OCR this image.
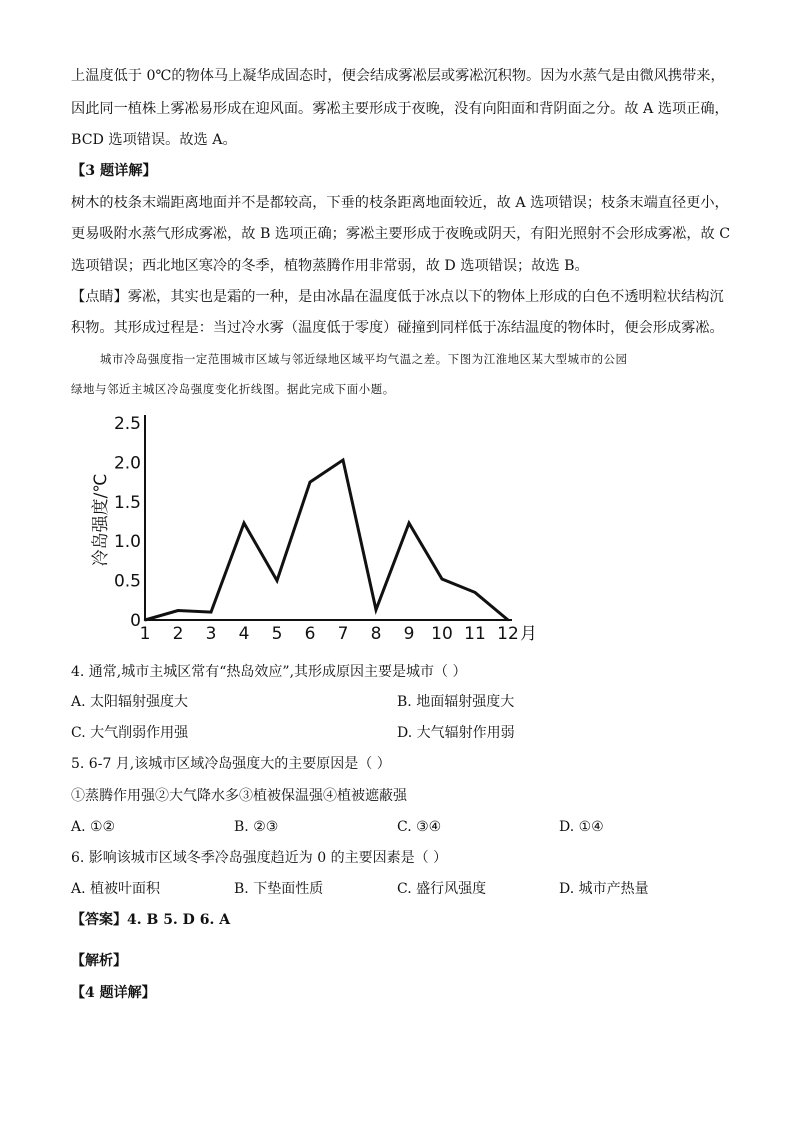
上温度低于 0℃的物体马上凝华成固态时，便会结成雾凇层或雾凇沉积物。因为水蒸气是由微风携带来，
因此同一植株上雾凇易形成在迎风面。雾凇主要形成于夜晚，没有向阳面和背阴面之分。故 A 选项正确，
BCD 选项错误。故选 A。
【3 题详解】
树木的枝条末端距离地面并不是都较高，下垂的枝条距离地面较近，故 A 选项错误；枝条末端直径更小，
更易吸附水蒸气形成雾凇，故 B 选项正确；雾凇主要形成于夜晚或阴天，有阳光照射不会形成雾凇，故 C
选项错误；西北地区寒冷的冬季，植物蒸腾作用非常弱，故 D 选项错误；故选 B。
【点睛】雾凇，其实也是霜的一种，是由冰晶在温度低于冰点以下的物体上形成的白色不透明粒状结构沉
积物。其形成过程是：当过冷水雾（温度低于零度）碰撞到同样低于冻结温度的物体时，便会形成雾凇。
城市冷岛强度指一定范围城市区域与邻近绿地区域平均气温之差。下图为江淮地区某大型城市的公园
绿地与邻近主城区冷岛强度变化折线图。据此完成下面小题。
0
0.5
1.0
1.5
2.0
2.5
1 2 3 4 5 6 7 8 9 10 11 12 月
冷岛强度/℃
4. 通常,城市主城区常有“热岛效应”,其形成原因主要是城市（ ）
A. 太阳辐射强度大	B. 地面辐射强度大
C. 大气削弱作用强	D. 大气辐射作用弱
5. 6-7 月,该城市区域冷岛强度大的主要原因是（ ）
①蒸腾作用强②大气降水多③植被保温强④植被遮蔽强
A. ①②	B. ②③	C. ③④	D. ①④
6. 影响该城市区域冬季冷岛强度趋近为 0 的主要因素是（ ）
A. 植被叶面积	B. 下垫面性质	C. 盛行风强度	D. 城市产热量
【答案】4. B 5. D 6. A
【解析】
【4 题详解】
